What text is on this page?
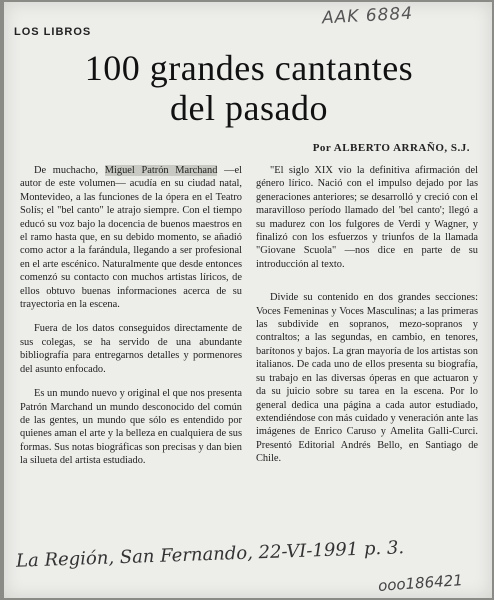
AAK 6884
LOS LIBROS
100 grandes cantantes
del pasado
Por ALBERTO ARRAÑO, S.J.

De muchacho, Miguel Patrón Marchand —el autor de este volumen— acudía en su ciudad natal, Montevideo, a las funciones de la ópera en el Teatro Solís; el "bel canto" le atrajo siempre. Con el tiempo educó su voz bajo la docencia de buenos maestros en el ramo hasta que, en su debido momento, se añadió como actor a la farándula, llegando a ser profesional en el arte escénico. Naturalmente que desde entonces comenzó su contacto con muchos artistas líricos, de ellos obtuvo buenas informaciones acerca de su trayectoria en la escena.

Fuera de los datos conseguidos directamente de sus colegas, se ha servido de una abundante bibliografía para entregarnos detalles y pormenores del asunto enfocado.

Es un mundo nuevo y original el que nos presenta Patrón Marchand un mundo desconocido del común de las gentes, un mundo que sólo es entendido por quienes aman el arte y la belleza en cualquiera de sus formas. Sus notas biográficas son precisas y dan bien la silueta del artista estudiado.

"El siglo XIX vio la definitiva afirmación del género lírico. Nació con el impulso dejado por las generaciones anteriores; se desarrolló y creció con el maravilloso período llamado del 'bel canto'; llegó a su madurez con los fulgores de Verdi y Wagner, y finalizó con los esfuerzos y triunfos de la llamada "Giovane Scuola" —nos dice en parte de su introducción al texto.

Divide su contenido en dos grandes secciones: Voces Femeninas y Voces Masculinas; a las primeras las subdivide en sopranos, mezo-sopranos y contraltos; a las segundas, en cambio, en tenores, barítonos y bajos. La gran mayoría de los artistas son italianos. De cada uno de ellos presenta su biografía, su trabajo en las diversas óperas en que actuaron y da su juicio sobre su tarea en la escena. Por lo general dedica una página a cada autor estudiado, extendiéndose con más cuidado y veneración ante las imágenes de Enrico Caruso y Amelita Galli-Curci. Presentó Editorial Andrés Bello, en Santiago de Chile.

La Región, San Fernando, 22-VI-1991 p. 3.
ooo186421
